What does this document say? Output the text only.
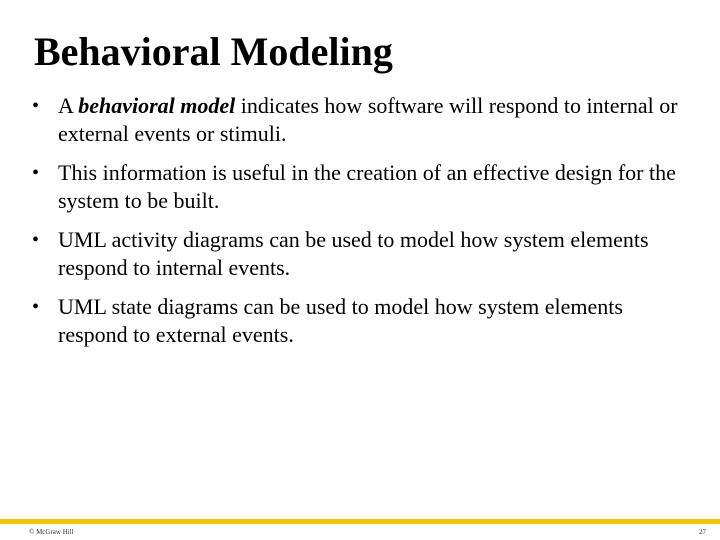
Behavioral Modeling
• A behavioral model indicates how software will respond to internal or external events or stimuli.
• This information is useful in the creation of an effective design for the system to be built.
• UML activity diagrams can be used to model how system elements respond to internal events.
• UML state diagrams can be used to model how system elements respond to external events.
© McGraw Hill	27
